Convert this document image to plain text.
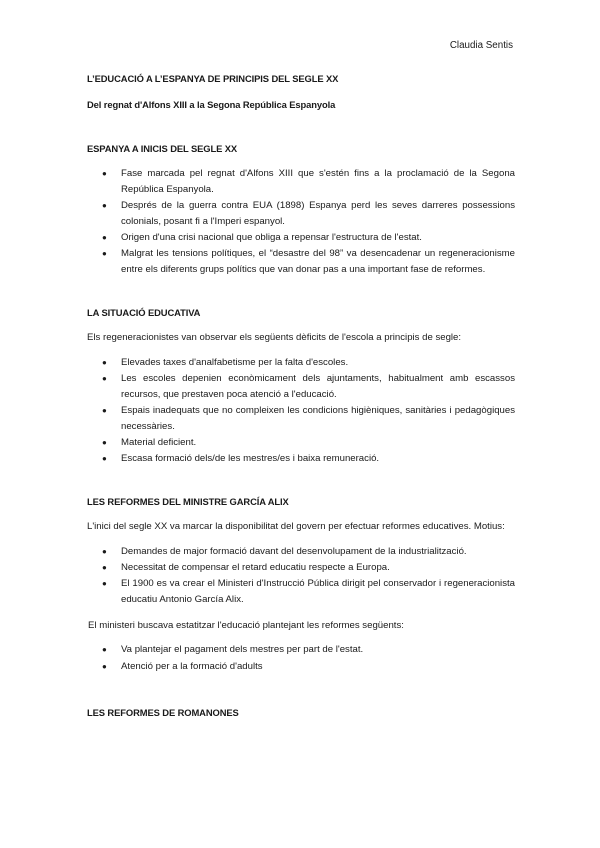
Claudia Sentis

L’EDUCACIÓ A L’ESPANYA DE PRINCIPIS DEL SEGLE XX

Del regnat d'Alfons XIII a la Segona República Espanyola

ESPANYA A INICIS DEL SEGLE XX

● Fase marcada pel regnat d'Alfons XIII que s'estén fins a la proclamació de la Segona República Espanyola.
● Després de la guerra contra EUA (1898) Espanya perd les seves darreres possessions colonials, posant fi a l'Imperi espanyol.
● Origen d'una crisi nacional que obliga a repensar l'estructura de l'estat.
● Malgrat les tensions polítiques, el “desastre del 98” va desencadenar un regeneracionisme entre els diferents grups polítics que van donar pas a una important fase de reformes.

LA SITUACIÓ EDUCATIVA

Els regeneracionistes van observar els següents dèficits de l'escola a principis de segle:

● Elevades taxes d'analfabetisme per la falta d'escoles.
● Les escoles depenien econòmicament dels ajuntaments, habitualment amb escassos recursos, que prestaven poca atenció a l'educació.
● Espais inadequats que no compleixen les condicions higièniques, sanitàries i pedagògiques necessàries.
● Material deficient.
● Escasa formació dels/de les mestres/es i baixa remuneració.

LES REFORMES DEL MINISTRE GARCÍA ALIX

L'inici del segle XX va marcar la disponibilitat del govern per efectuar reformes educatives. Motius:

● Demandes de major formació davant del desenvolupament de la industrialització.
● Necessitat de compensar el retard educatiu respecte a Europa.
● El 1900 es va crear el Ministeri d'Instrucció Pública dirigit pel conservador i regeneracionista educatiu Antonio García Alix.

El ministeri buscava estatitzar l'educació plantejant les reformes següents:

● Va plantejar el pagament dels mestres per part de l'estat.
● Atenció per a la formació d'adults

LES REFORMES DE ROMANONES
